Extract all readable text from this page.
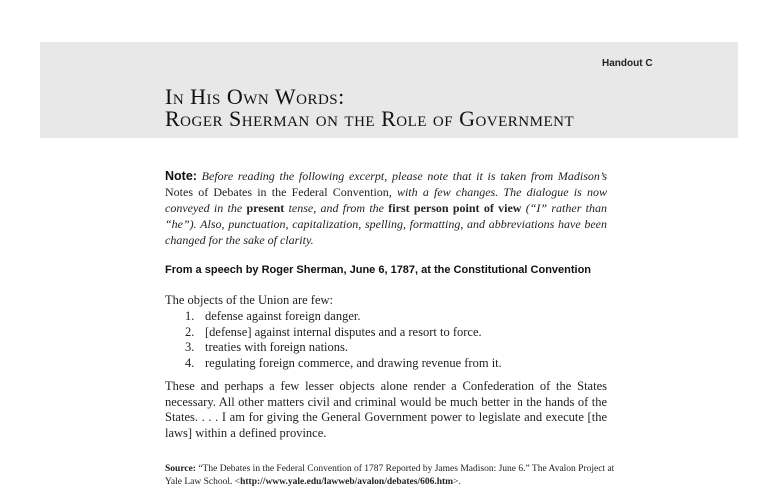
Handout C
In His Own Words:
Roger Sherman on the Role of Government
Note: Before reading the following excerpt, please note that it is taken from Madison’s Notes of Debates in the Federal Convention, with a few changes. The dialogue is now conveyed in the present tense, and from the first person point of view (“I” rather than “he”). Also, punctuation, capitalization, spelling, formatting, and abbreviations have been changed for the sake of clarity.
From a speech by Roger Sherman, June 6, 1787, at the Constitutional Convention
The objects of the Union are few:
1. defense against foreign danger.
2. [defense] against internal disputes and a resort to force.
3. treaties with foreign nations.
4. regulating foreign commerce, and drawing revenue from it.
These and perhaps a few lesser objects alone render a Confederation of the States necessary. All other matters civil and criminal would be much better in the hands of the States. . . . I am for giving the General Government power to legislate and execute [the laws] within a defined province.
Source: “The Debates in the Federal Convention of 1787 Reported by James Madison: June 6.” The Avalon Project at Yale Law School. <http://www.yale.edu/lawweb/avalon/debates/606.htm>.
